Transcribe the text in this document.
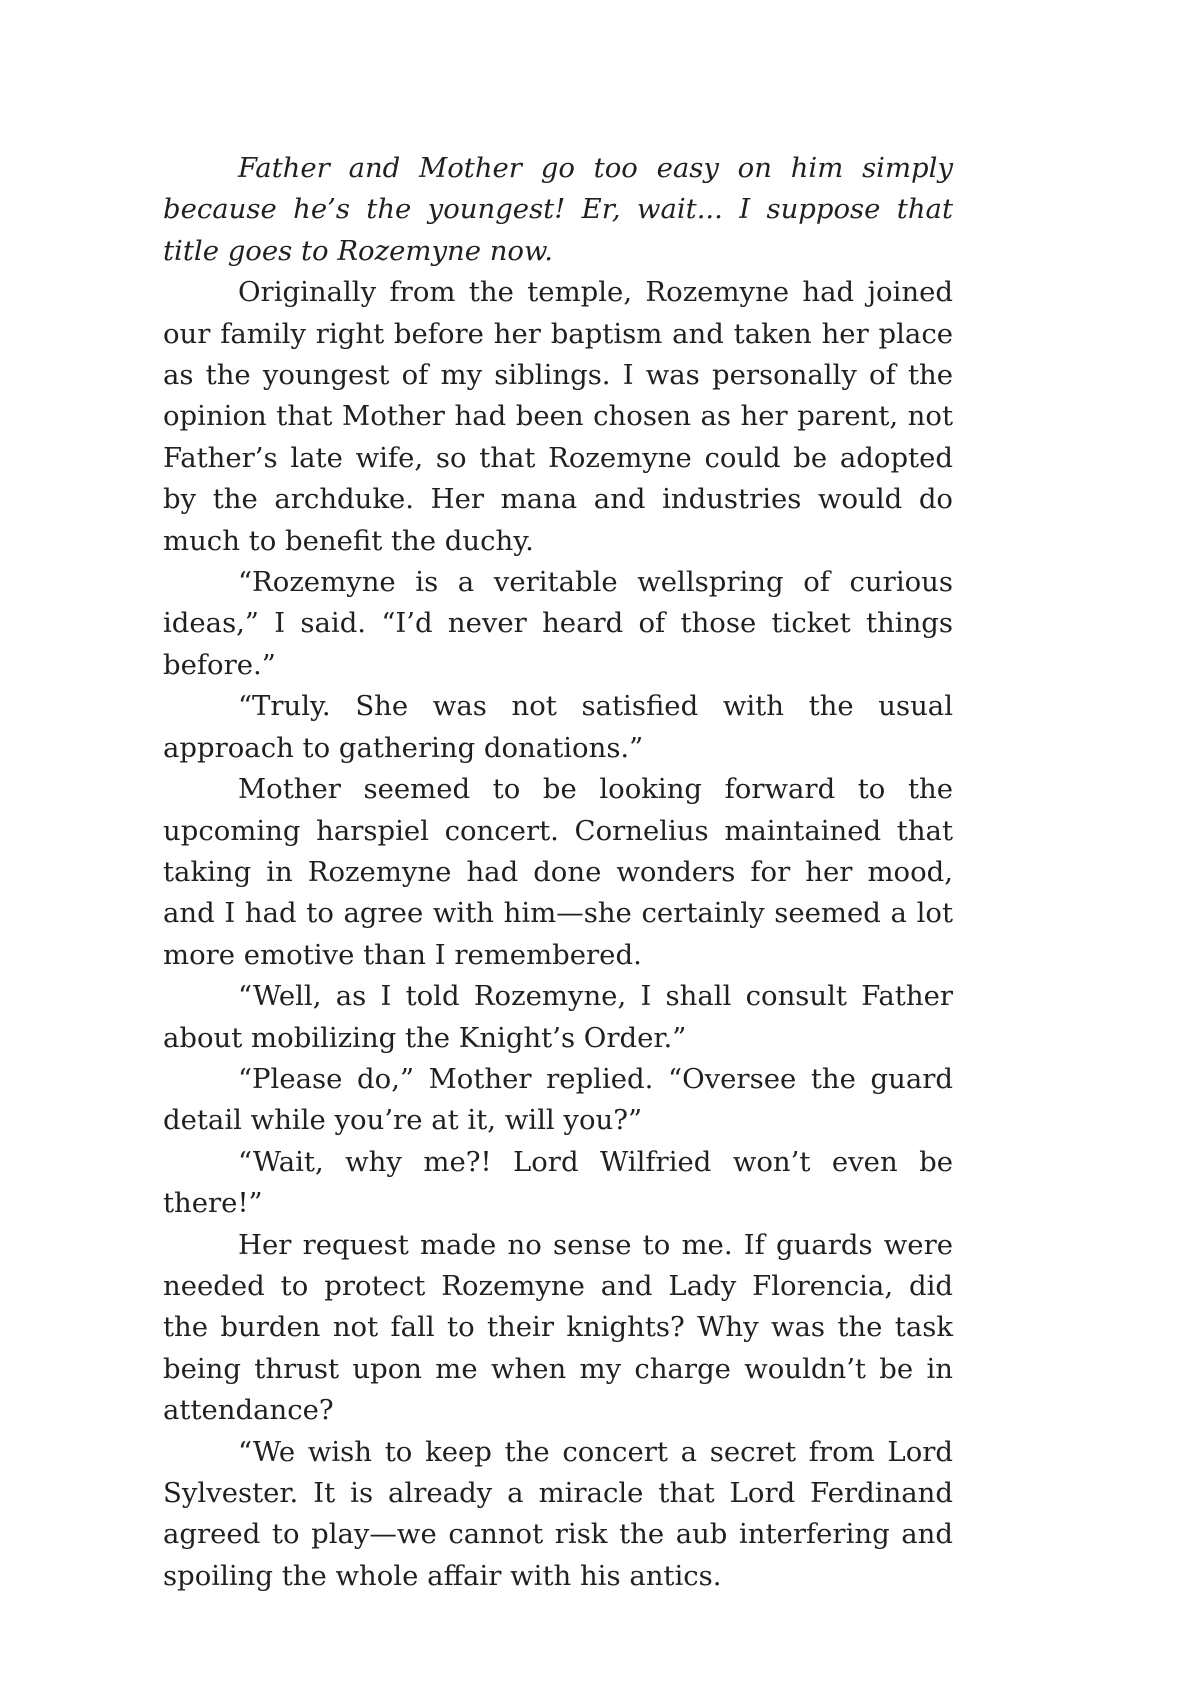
Father and Mother go too easy on him simply because he’s the youngest! Er, wait... I suppose that title goes to Rozemyne now.

Originally from the temple, Rozemyne had joined our family right before her baptism and taken her place as the youngest of my siblings. I was personally of the opinion that Mother had been chosen as her parent, not Father’s late wife, so that Rozemyne could be adopted by the archduke. Her mana and industries would do much to benefit the duchy.

“Rozemyne is a veritable wellspring of curious ideas,” I said. “I’d never heard of those ticket things before.”

“Truly. She was not satisfied with the usual approach to gathering donations.”

Mother seemed to be looking forward to the upcoming harspiel concert. Cornelius maintained that taking in Rozemyne had done wonders for her mood, and I had to agree with him—she certainly seemed a lot more emotive than I remembered.

“Well, as I told Rozemyne, I shall consult Father about mobilizing the Knight’s Order.”

“Please do,” Mother replied. “Oversee the guard detail while you’re at it, will you?”

“Wait, why me?! Lord Wilfried won’t even be there!”

Her request made no sense to me. If guards were needed to protect Rozemyne and Lady Florencia, did the burden not fall to their knights? Why was the task being thrust upon me when my charge wouldn’t be in attendance?

“We wish to keep the concert a secret from Lord Sylvester. It is already a miracle that Lord Ferdinand agreed to play—we cannot risk the aub interfering and spoiling the whole affair with his antics.
